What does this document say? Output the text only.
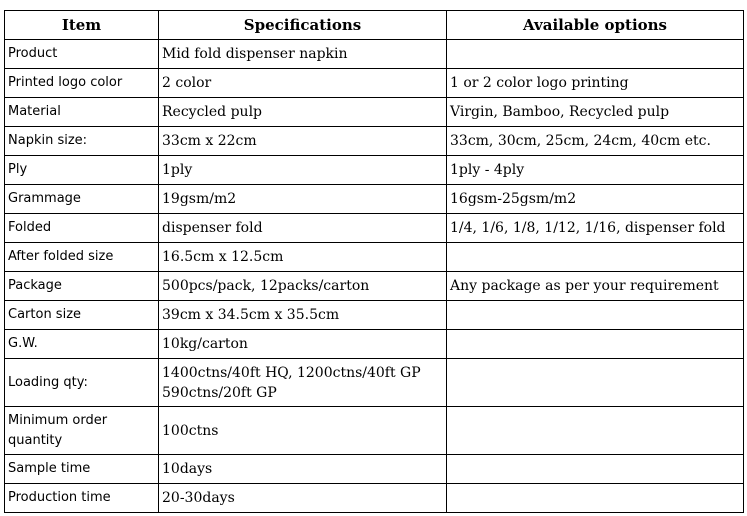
Item	Specifications	Available options

Product	Mid fold dispenser napkin	

Printed logo color	2 color	1 or 2 color logo printing

Material	Recycled pulp	Virgin, Bamboo, Recycled pulp

Napkin size:	33cm x 22cm	33cm, 30cm, 25cm, 24cm, 40cm etc.

Ply	1ply	1ply - 4ply

Grammage	19gsm/m2	16gsm-25gsm/m2

Folded	dispenser fold	1/4, 1/6, 1/8, 1/12, 1/16, dispenser fold

After folded size	16.5cm x 12.5cm	

Package	500pcs/pack, 12packs/carton	Any package as per your requirement

Carton size	39cm x 34.5cm x 35.5cm	

G.W.	10kg/carton	

Loading qty:	1400ctns/40ft HQ, 1200ctns/40ft GP
590ctns/20ft GP	

Minimum order
quantity	100ctns	

Sample time	10days	

Production time	20-30days	
